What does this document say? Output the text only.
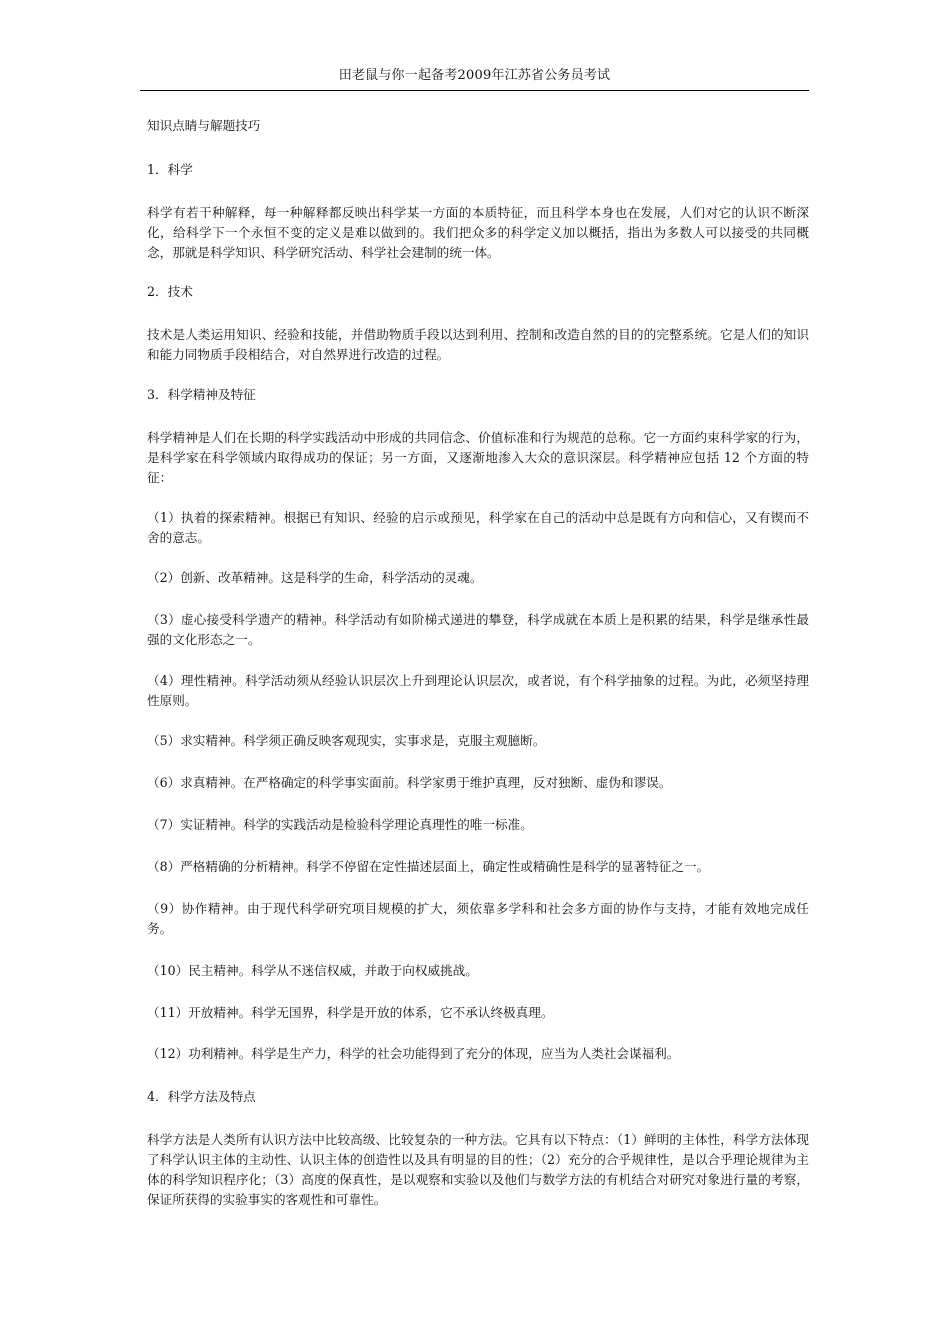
田老鼠与你一起备考2009年江苏省公务员考试

知识点睛与解题技巧

1．科学

科学有若干种解释，每一种解释都反映出科学某一方面的本质特征，而且科学本身也在发展，人们对它的认识不断深化，给科学下一个永恒不变的定义是难以做到的。我们把众多的科学定义加以概括，指出为多数人可以接受的共同概念，那就是科学知识、科学研究活动、科学社会建制的统一体。

2．技术

技术是人类运用知识、经验和技能，并借助物质手段以达到利用、控制和改造自然的目的的完整系统。它是人们的知识和能力同物质手段相结合，对自然界进行改造的过程。

3．科学精神及特征

科学精神是人们在长期的科学实践活动中形成的共同信念、价值标准和行为规范的总称。它一方面约束科学家的行为，是科学家在科学领域内取得成功的保证；另一方面，又逐渐地渗入大众的意识深层。科学精神应包括 12 个方面的特征：

（1）执着的探索精神。根据已有知识、经验的启示或预见，科学家在自己的活动中总是既有方向和信心，又有锲而不舍的意志。

（2）创新、改革精神。这是科学的生命，科学活动的灵魂。

（3）虚心接受科学遗产的精神。科学活动有如阶梯式递进的攀登，科学成就在本质上是积累的结果，科学是继承性最强的文化形态之一。

（4）理性精神。科学活动须从经验认识层次上升到理论认识层次，或者说，有个科学抽象的过程。为此，必须坚持理性原则。

（5）求实精神。科学须正确反映客观现实，实事求是，克服主观臆断。

（6）求真精神。在严格确定的科学事实面前。科学家勇于维护真理，反对独断、虚伪和谬误。

（7）实证精神。科学的实践活动是检验科学理论真理性的唯一标准。

（8）严格精确的分析精神。科学不停留在定性描述层面上，确定性或精确性是科学的显著特征之一。

（9）协作精神。由于现代科学研究项目规模的扩大，须依靠多学科和社会多方面的协作与支持，才能有效地完成任务。

（10）民主精神。科学从不迷信权威，并敢于向权威挑战。

（11）开放精神。科学无国界，科学是开放的体系，它不承认终极真理。

（12）功利精神。科学是生产力，科学的社会功能得到了充分的体现，应当为人类社会谋福利。

4．科学方法及特点

科学方法是人类所有认识方法中比较高级、比较复杂的一种方法。它具有以下特点：（1）鲜明的主体性，科学方法体现了科学认识主体的主动性、认识主体的创造性以及具有明显的目的性；（2）充分的合乎规律性，是以合乎理论规律为主体的科学知识程序化；（3）高度的保真性，是以观察和实验以及他们与数学方法的有机结合对研究对象进行量的考察，保证所获得的实验事实的客观性和可靠性。
